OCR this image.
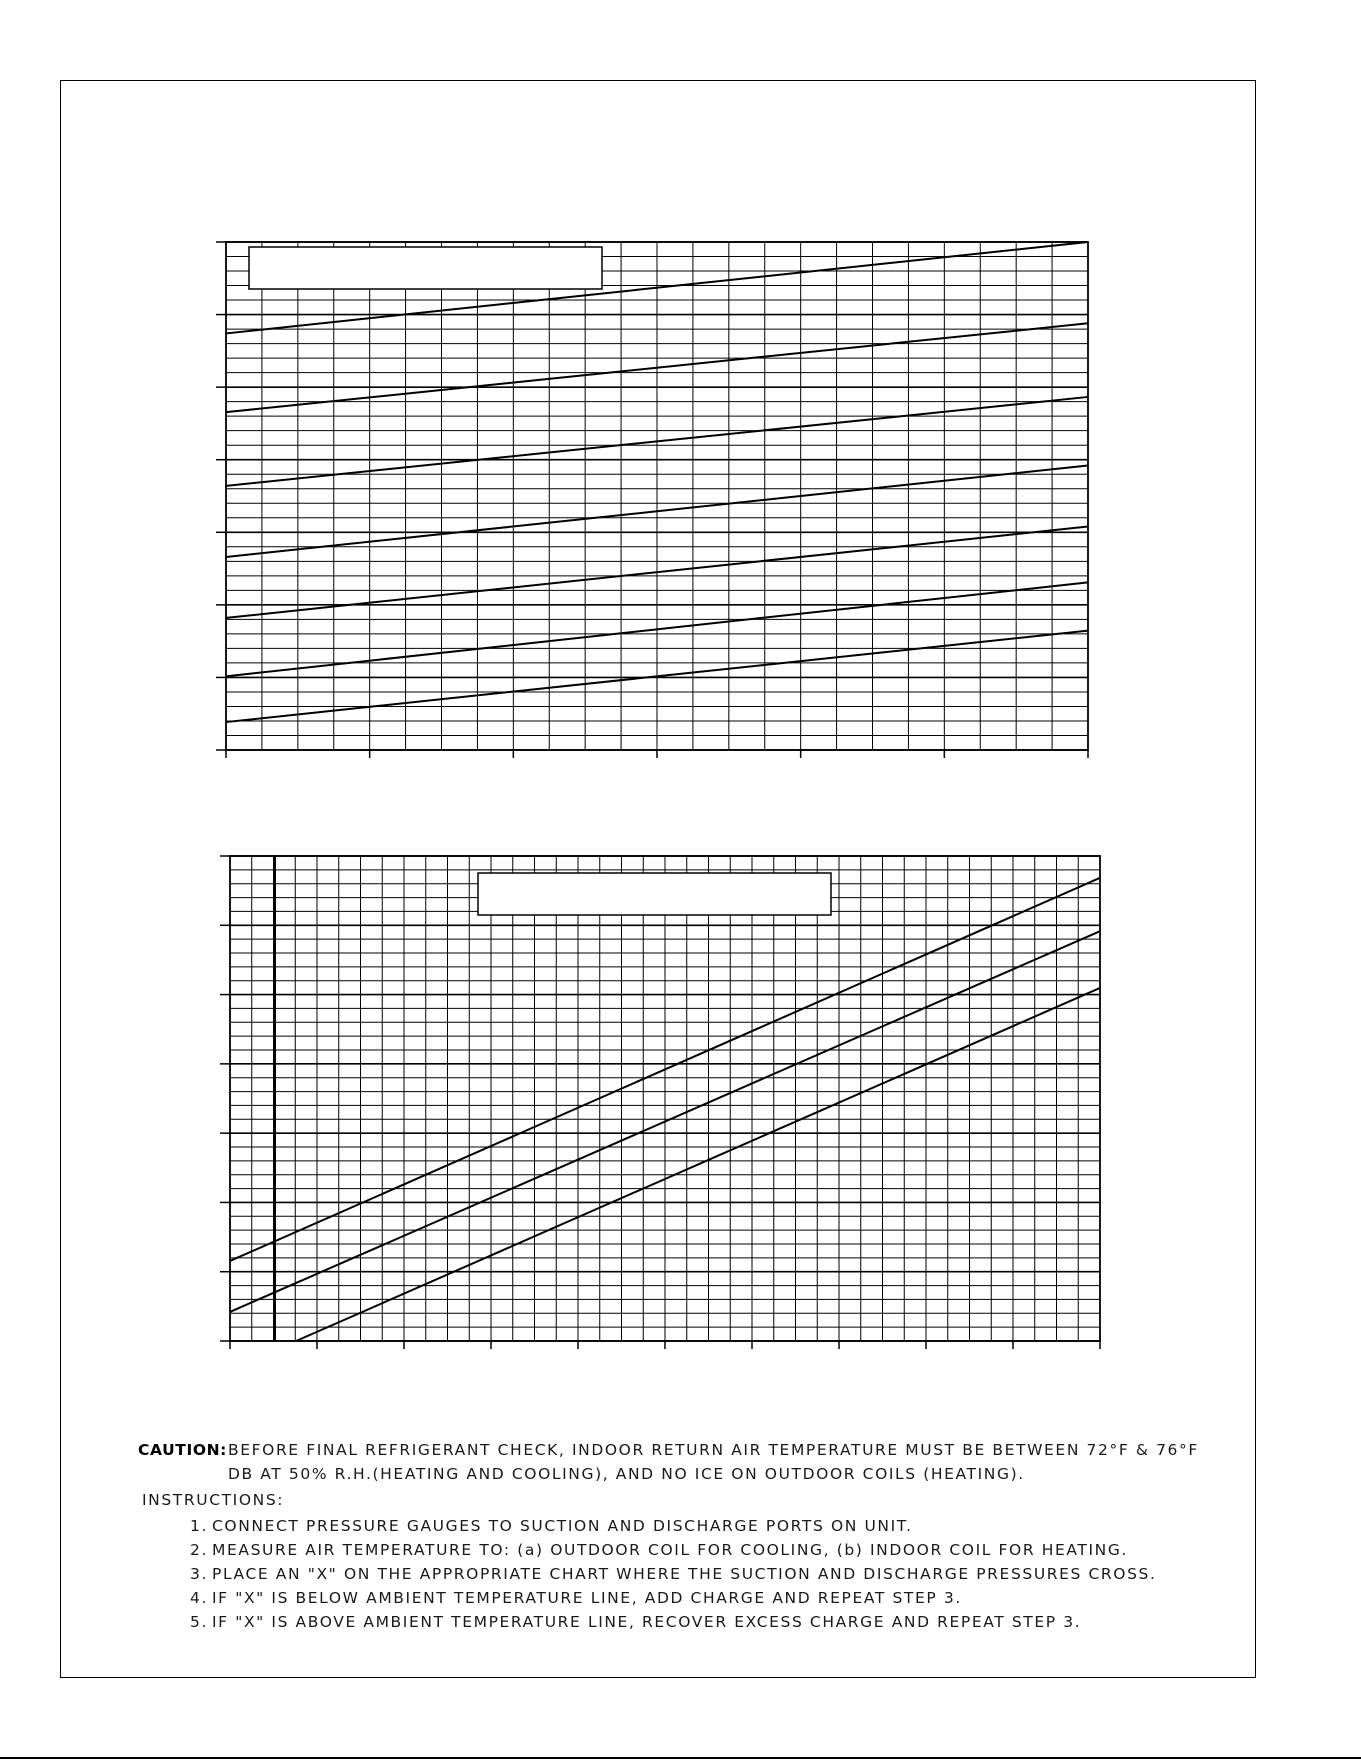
CAUTION: BEFORE FINAL REFRIGERANT CHECK, INDOOR RETURN AIR TEMPERATURE MUST BE BETWEEN 72°F & 76°F
DB AT 50% R.H.(HEATING AND COOLING), AND NO ICE ON OUTDOOR COILS (HEATING).
INSTRUCTIONS:
1. CONNECT PRESSURE GAUGES TO SUCTION AND DISCHARGE PORTS ON UNIT.
2. MEASURE AIR TEMPERATURE TO: (a) OUTDOOR COIL FOR COOLING, (b) INDOOR COIL FOR HEATING.
3. PLACE AN "X" ON THE APPROPRIATE CHART WHERE THE SUCTION AND DISCHARGE PRESSURES CROSS.
4. IF "X" IS BELOW AMBIENT TEMPERATURE LINE, ADD CHARGE AND REPEAT STEP 3.
5. IF "X" IS ABOVE AMBIENT TEMPERATURE LINE, RECOVER EXCESS CHARGE AND REPEAT STEP 3.
